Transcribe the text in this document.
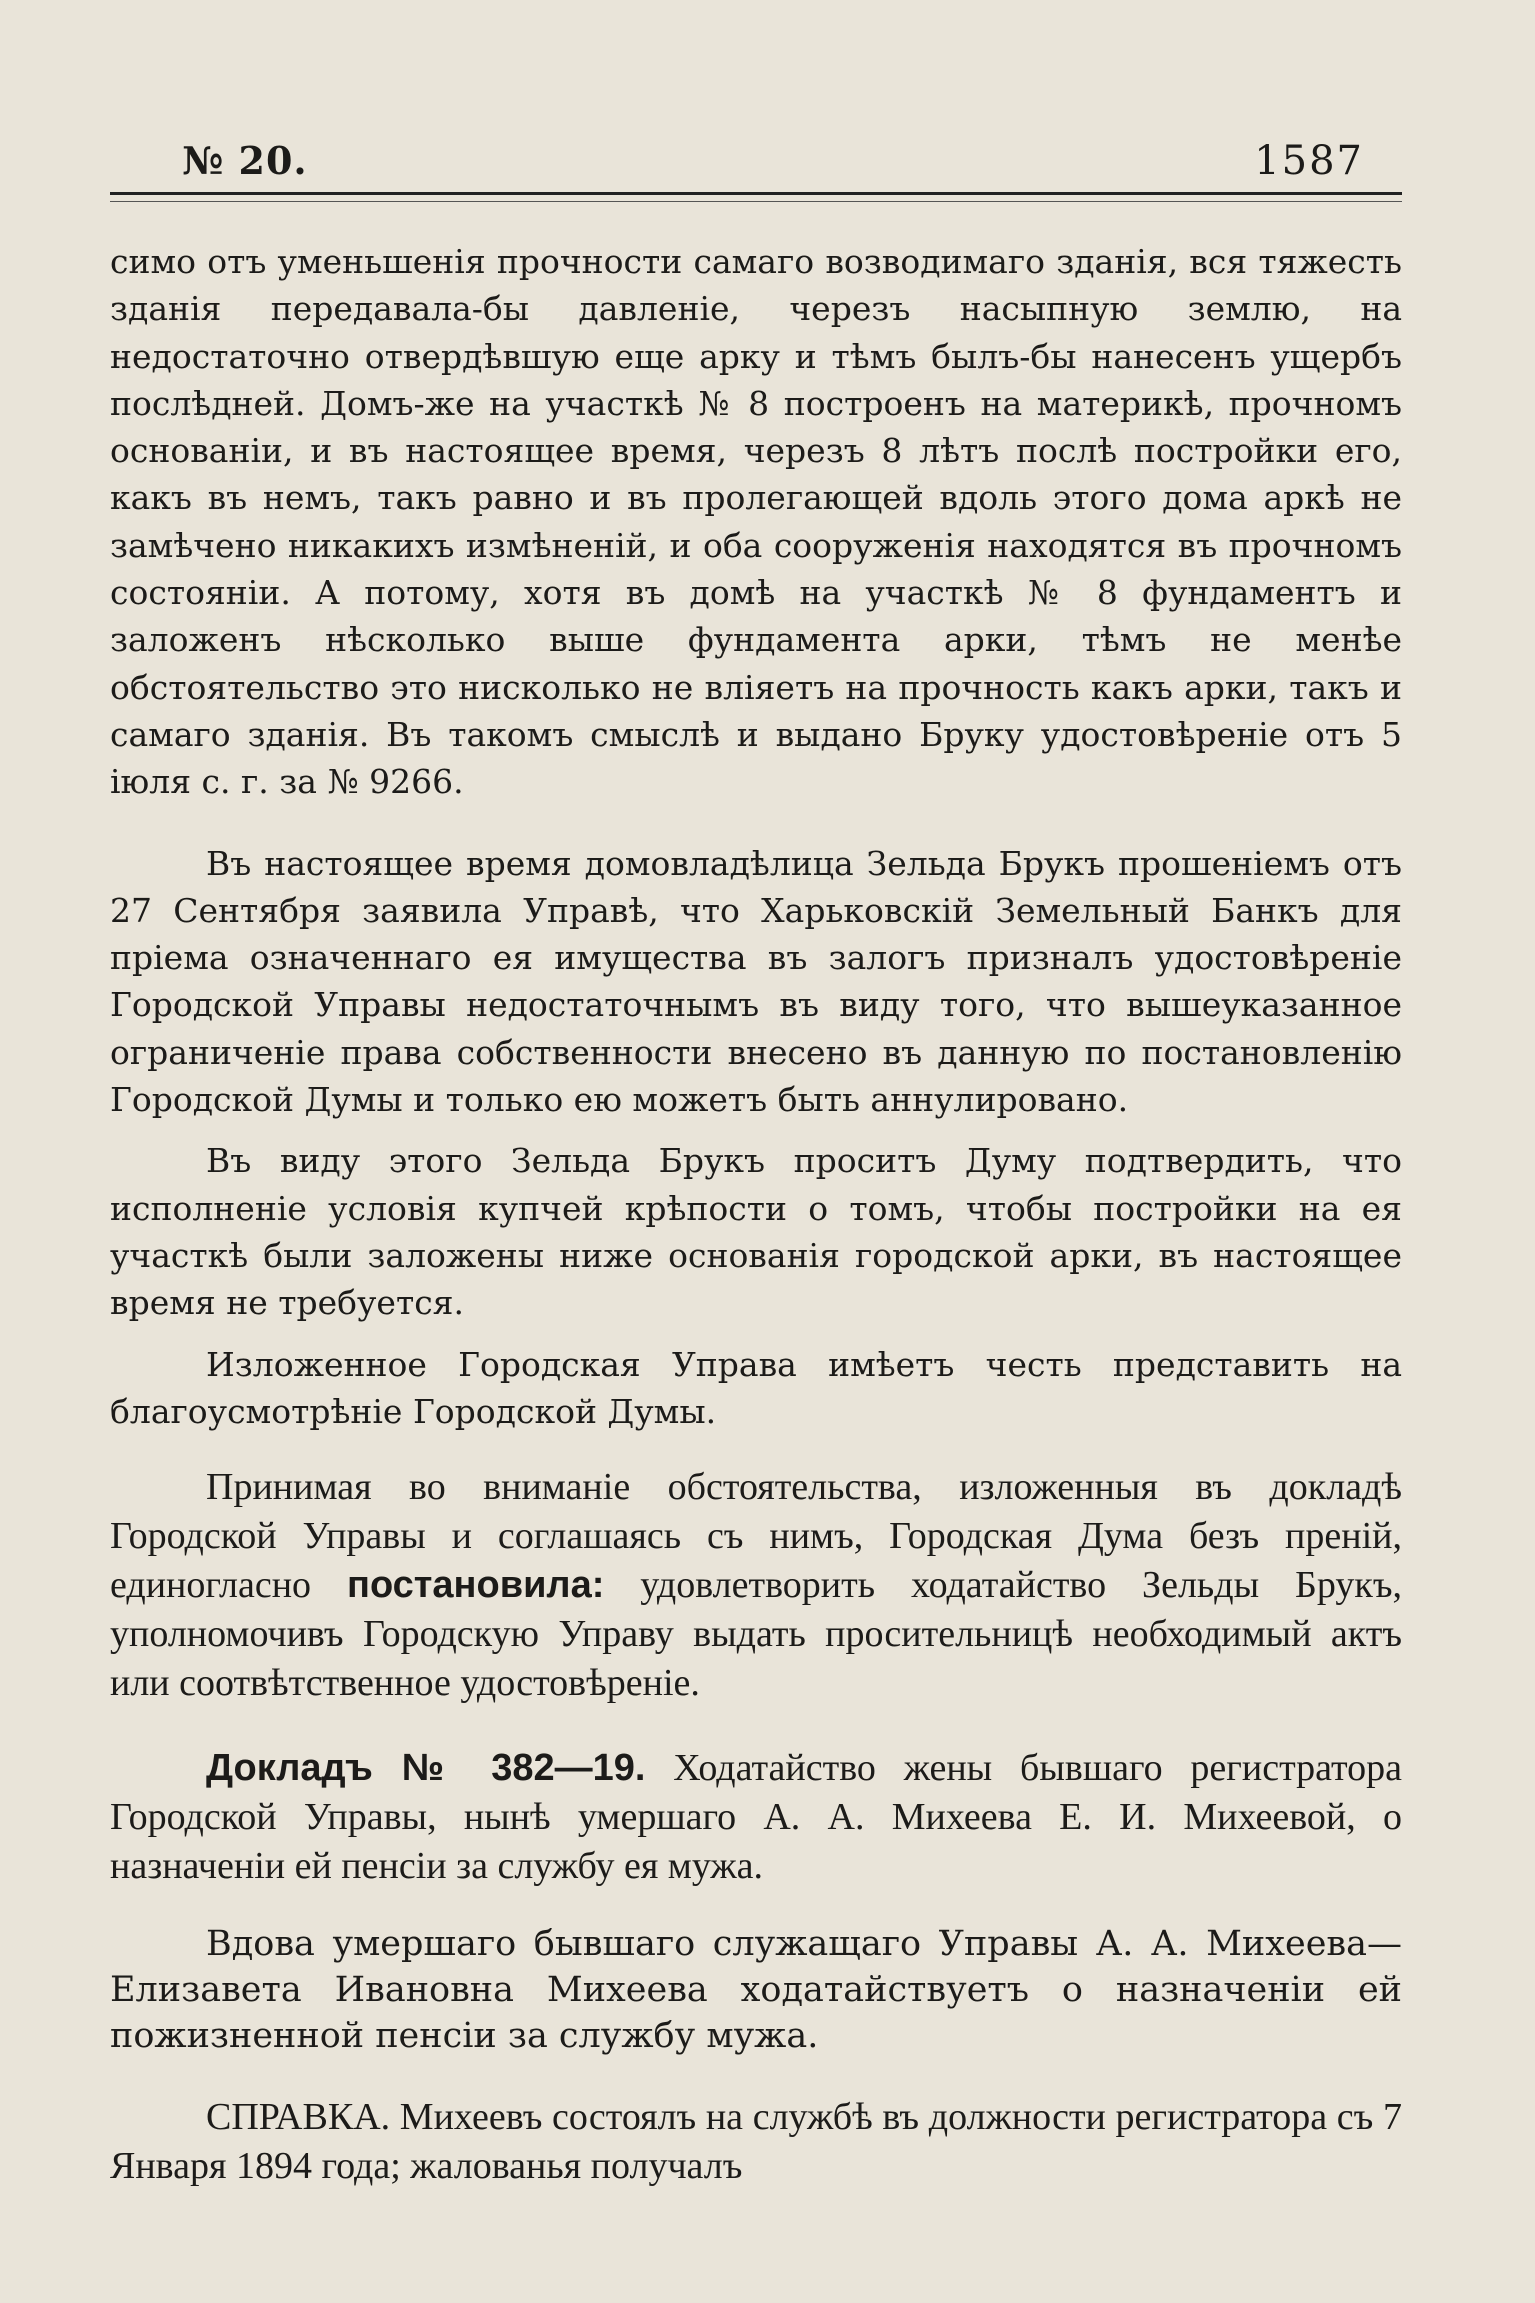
№ 20.	1587

симо отъ уменьшенія прочности самаго возводимаго зданія, вся тяжесть зданія передавала-бы давленіе, черезъ насыпную землю, на недостаточно отвердѣвшую еще арку и тѣмъ былъ-бы нанесенъ ущербъ послѣдней. Домъ-же на участкѣ № 8 построенъ на материкѣ, прочномъ основаніи, и въ настоящее время, черезъ 8 лѣтъ послѣ постройки его, какъ въ немъ, такъ равно и въ пролегающей вдоль этого дома аркѣ не замѣчено никакихъ измѣненій, и оба сооруженія находятся въ прочномъ состояніи. А потому, хотя въ домѣ на участкѣ № 8 фундаментъ и заложенъ нѣсколько выше фундамента арки, тѣмъ не менѣе обстоятельство это нисколько не вліяетъ на прочность какъ арки, такъ и самаго зданія. Въ такомъ смыслѣ и выдано Бруку удостовѣреніе отъ 5 іюля с. г. за № 9266.

Въ настоящее время домовладѣлица Зельда Брукъ прошеніемъ отъ 27 Сентября заявила Управѣ, что Харьковскій Земельный Банкъ для пріема означеннаго ея имущества въ залогъ призналъ удостовѣреніе Городской Управы недостаточнымъ въ виду того, что вышеуказанное ограниченіе права собственности внесено въ данную по постановленію Городской Думы и только ею можетъ быть аннулировано.

Въ виду этого Зельда Брукъ проситъ Думу подтвердить, что исполненіе условія купчей крѣпости о томъ, чтобы постройки на ея участкѣ были заложены ниже основанія городской арки, въ настоящее время не требуется.

Изложенное Городская Управа имѣетъ честь представить на благоусмотрѣніе Городской Думы.

Принимая во вниманіе обстоятельства, изложенныя въ докладѣ Городской Управы и соглашаясь съ нимъ, Городская Дума безъ преній, единогласно постановила: удовлетворить ходатайство Зельды Брукъ, уполномочивъ Городскую Управу выдать просительницѣ необходимый актъ или соотвѣтственное удостовѣреніе.

Докладъ № 382—19. Ходатайство жены бывшаго регистратора Городской Управы, нынѣ умершаго А. А. Михеева Е. И. Михеевой, о назначеніи ей пенсіи за службу ея мужа.

Вдова умершаго бывшаго служащаго Управы А. А. Михеева—Елизавета Ивановна Михеева ходатайствуетъ о назначеніи ей пожизненной пенсіи за службу мужа.

СПРАВКА. Михеевъ состоялъ на службѣ въ должности регистратора съ 7 Января 1894 года; жалованья получалъ
